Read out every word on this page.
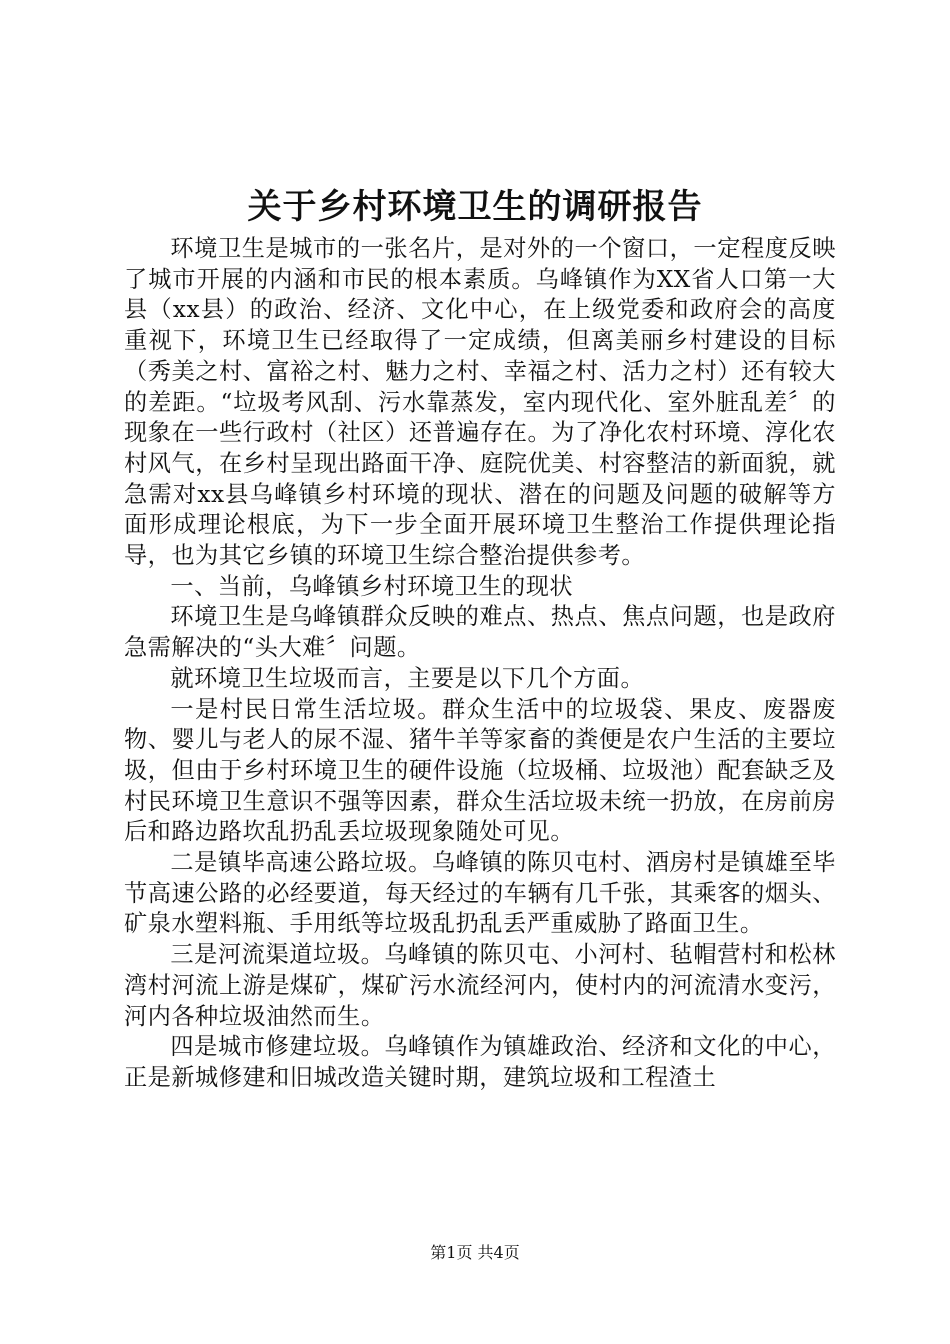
关于乡村环境卫生的调研报告

环境卫生是城市的一张名片，是对外的一个窗口，一定程度反映了城市开展的内涵和市民的根本素质。乌峰镇作为XX省人口第一大县（xx县）的政治、经济、文化中心，在上级党委和政府会的高度重视下，环境卫生已经取得了一定成绩，但离美丽乡村建设的目标（秀美之村、富裕之村、魅力之村、幸福之村、活力之村）还有较大的差距。“垃圾考风刮、污水靠蒸发，室内现代化、室外脏乱差〞的现象在一些行政村（社区）还普遍存在。为了净化农村环境、淳化农村风气，在乡村呈现出路面干净、庭院优美、村容整洁的新面貌，就急需对xx县乌峰镇乡村环境的现状、潜在的问题及问题的破解等方面形成理论根底，为下一步全面开展环境卫生整治工作提供理论指导，也为其它乡镇的环境卫生综合整治提供参考。

一、当前，乌峰镇乡村环境卫生的现状

环境卫生是乌峰镇群众反映的难点、热点、焦点问题，也是政府急需解决的“头大难〞问题。

就环境卫生垃圾而言，主要是以下几个方面。

一是村民日常生活垃圾。群众生活中的垃圾袋、果皮、废器废物、婴儿与老人的尿不湿、猪牛羊等家畜的粪便是农户生活的主要垃圾，但由于乡村环境卫生的硬件设施（垃圾桶、垃圾池）配套缺乏及村民环境卫生意识不强等因素，群众生活垃圾未统一扔放，在房前房后和路边路坎乱扔乱丢垃圾现象随处可见。

二是镇毕高速公路垃圾。乌峰镇的陈贝屯村、酒房村是镇雄至毕节高速公路的必经要道，每天经过的车辆有几千张，其乘客的烟头、矿泉水塑料瓶、手用纸等垃圾乱扔乱丢严重威胁了路面卫生。

三是河流渠道垃圾。乌峰镇的陈贝屯、小河村、毡帽营村和松林湾村河流上游是煤矿，煤矿污水流经河内，使村内的河流清水变污，河内各种垃圾油然而生。

四是城市修建垃圾。乌峰镇作为镇雄政治、经济和文化的中心，正是新城修建和旧城改造关键时期，建筑垃圾和工程渣土

第1页 共4页
